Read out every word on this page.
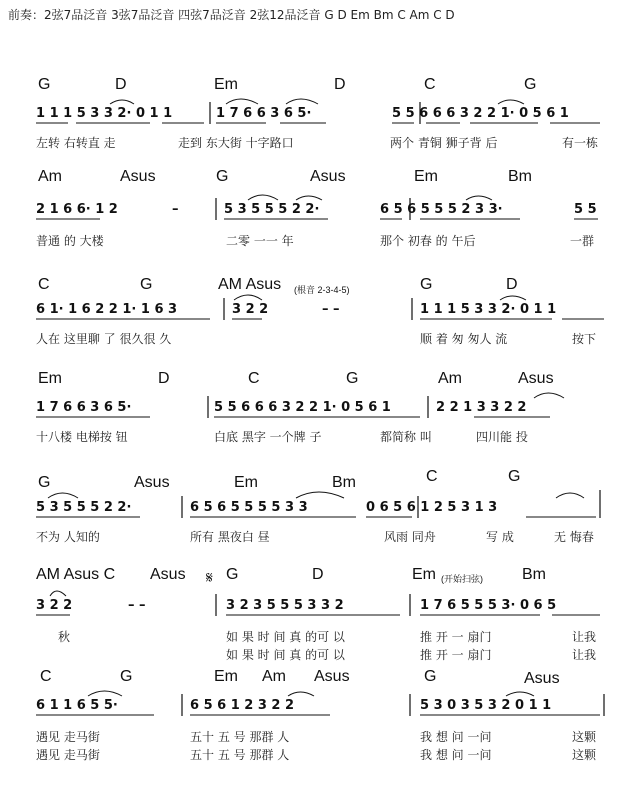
前奏：2弦7品泛音 3弦7品泛音 四弦7品泛音 2弦12品泛音 G D Em Bm C Am C D
G	D	Em	D	C	G
1 1 1 5 3 3 2· 0 1 1	1 7 6 6 3 6 5·	5 5 6 6 6 3 2 2 1· 0 5 6 1
左转 右转直 走	走到 东大街 十字路口	两个 青铜 狮子背 后	有一栋
Am	Asus	G	Asus	Em	Bm
2 1 6 6· 1 2	–	5 3 5 5 5 2 2·	6 5 6 5 5 5 2 3 3·	5 5
普通 的 大楼	二零 一一 年	那个 初春 的 午后	一群
C	G	AM Asus (根音 2-3-4-5)	G	D
6 1· 1 6 2 2 1· 1 6 3	3 2 2	– –	1 1 1 5 3 3 2· 0 1 1
人在 这里聊 了 很久很 久	顺 着 匆 匆人 流	按下
Em	D	C	G	Am	Asus
1 7 6 6 3 6 5·	5 5 6 6 6 3 2 2 1· 0 5 6 1	2 2 1 3 3 2 2
十八楼 电梯按 钮	白底 黑字 一个牌 子	都简称 叫	四川能 投
G	Asus	Em	Bm	C	G
5 3 5 5 5 2 2·	6 5 6 5 5 5 5 3 3	0 6 5 6 1 2 5 3 1 3
不为 人知的	所有 黑夜白 昼	风雨 同舟	写 成	无 悔春
AM Asus C Asus 𝄋 G	D	Em (开始扫弦) Bm
3 2 2	– –	3 2 3 5 5 5 3 3 2	1 7 6 5 5 5 3· 0 6 5
秋	如 果 时 间 真 的可 以	推 开 一 扇门	让我
如 果 时 间 真 的可 以	推 开 一 扇门	让我
C	G	Em Am Asus	G	Asus
6 1 1 6 5 5·	6 5 6 1 2 3 2 2	5 3 0 3 5 3 2 0 1 1
遇见 走马街	五十 五 号 那群 人	我 想 问 一问	这颗
遇见 走马街	五十 五 号 那群 人	我 想 问 一问	这颗
